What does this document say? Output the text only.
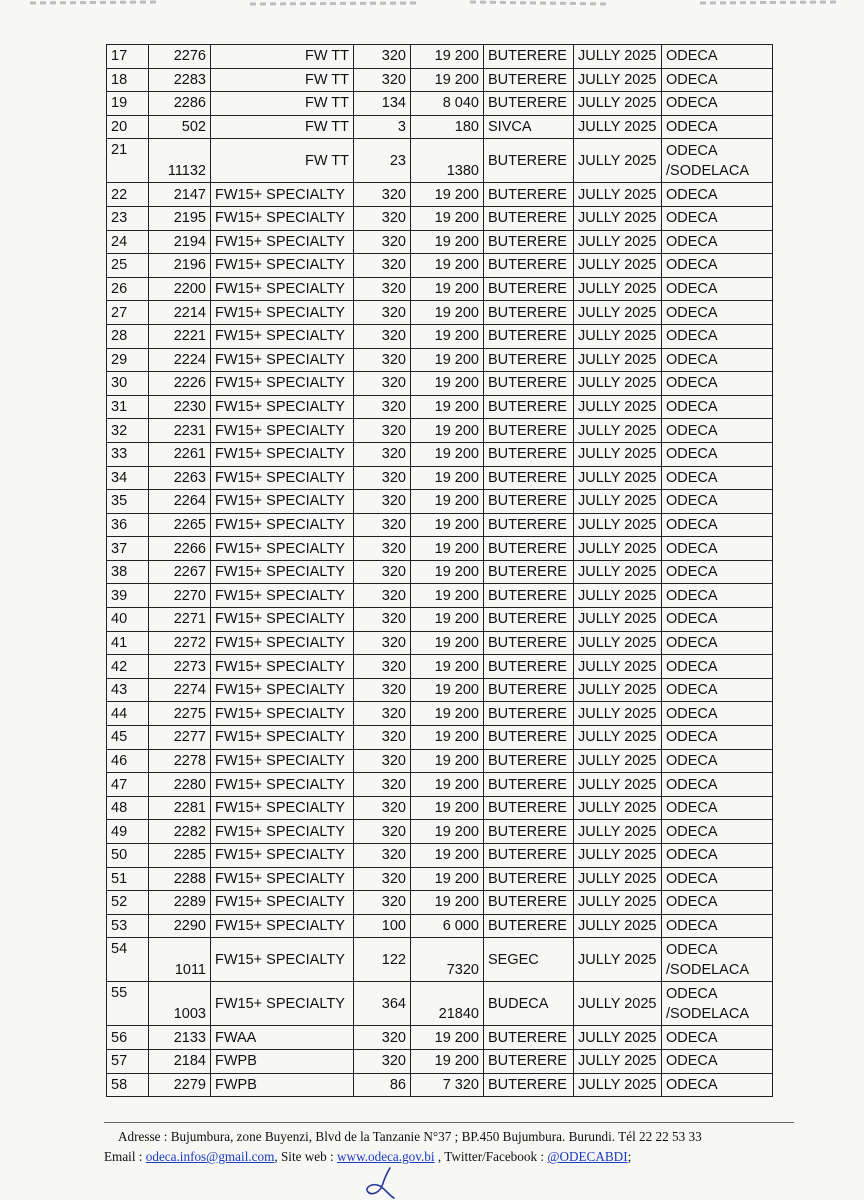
17	2276	FW TT	320	19 200	BUTERERE	JULLY 2025	ODECA
18	2283	FW TT	320	19 200	BUTERERE	JULLY 2025	ODECA
19	2286	FW TT	134	8 040	BUTERERE	JULLY 2025	ODECA
20	502	FW TT	3	180	SIVCA	JULLY 2025	ODECA
21	11132	FW TT	23	1380	BUTERERE	JULLY 2025	ODECA /SODELACA
22	2147	FW15+ SPECIALTY	320	19 200	BUTERERE	JULLY 2025	ODECA
23	2195	FW15+ SPECIALTY	320	19 200	BUTERERE	JULLY 2025	ODECA
24	2194	FW15+ SPECIALTY	320	19 200	BUTERERE	JULLY 2025	ODECA
25	2196	FW15+ SPECIALTY	320	19 200	BUTERERE	JULLY 2025	ODECA
26	2200	FW15+ SPECIALTY	320	19 200	BUTERERE	JULLY 2025	ODECA
27	2214	FW15+ SPECIALTY	320	19 200	BUTERERE	JULLY 2025	ODECA
28	2221	FW15+ SPECIALTY	320	19 200	BUTERERE	JULLY 2025	ODECA
29	2224	FW15+ SPECIALTY	320	19 200	BUTERERE	JULLY 2025	ODECA
30	2226	FW15+ SPECIALTY	320	19 200	BUTERERE	JULLY 2025	ODECA
31	2230	FW15+ SPECIALTY	320	19 200	BUTERERE	JULLY 2025	ODECA
32	2231	FW15+ SPECIALTY	320	19 200	BUTERERE	JULLY 2025	ODECA
33	2261	FW15+ SPECIALTY	320	19 200	BUTERERE	JULLY 2025	ODECA
34	2263	FW15+ SPECIALTY	320	19 200	BUTERERE	JULLY 2025	ODECA
35	2264	FW15+ SPECIALTY	320	19 200	BUTERERE	JULLY 2025	ODECA
36	2265	FW15+ SPECIALTY	320	19 200	BUTERERE	JULLY 2025	ODECA
37	2266	FW15+ SPECIALTY	320	19 200	BUTERERE	JULLY 2025	ODECA
38	2267	FW15+ SPECIALTY	320	19 200	BUTERERE	JULLY 2025	ODECA
39	2270	FW15+ SPECIALTY	320	19 200	BUTERERE	JULLY 2025	ODECA
40	2271	FW15+ SPECIALTY	320	19 200	BUTERERE	JULLY 2025	ODECA
41	2272	FW15+ SPECIALTY	320	19 200	BUTERERE	JULLY 2025	ODECA
42	2273	FW15+ SPECIALTY	320	19 200	BUTERERE	JULLY 2025	ODECA
43	2274	FW15+ SPECIALTY	320	19 200	BUTERERE	JULLY 2025	ODECA
44	2275	FW15+ SPECIALTY	320	19 200	BUTERERE	JULLY 2025	ODECA
45	2277	FW15+ SPECIALTY	320	19 200	BUTERERE	JULLY 2025	ODECA
46	2278	FW15+ SPECIALTY	320	19 200	BUTERERE	JULLY 2025	ODECA
47	2280	FW15+ SPECIALTY	320	19 200	BUTERERE	JULLY 2025	ODECA
48	2281	FW15+ SPECIALTY	320	19 200	BUTERERE	JULLY 2025	ODECA
49	2282	FW15+ SPECIALTY	320	19 200	BUTERERE	JULLY 2025	ODECA
50	2285	FW15+ SPECIALTY	320	19 200	BUTERERE	JULLY 2025	ODECA
51	2288	FW15+ SPECIALTY	320	19 200	BUTERERE	JULLY 2025	ODECA
52	2289	FW15+ SPECIALTY	320	19 200	BUTERERE	JULLY 2025	ODECA
53	2290	FW15+ SPECIALTY	100	6 000	BUTERERE	JULLY 2025	ODECA
54	1011	FW15+ SPECIALTY	122	7320	SEGEC	JULLY 2025	ODECA /SODELACA
55	1003	FW15+ SPECIALTY	364	21840	BUDECA	JULLY 2025	ODECA /SODELACA
56	2133	FWAA	320	19 200	BUTERERE	JULLY 2025	ODECA
57	2184	FWPB	320	19 200	BUTERERE	JULLY 2025	ODECA
58	2279	FWPB	86	7 320	BUTERERE	JULLY 2025	ODECA
Adresse : Bujumbura, zone Buyenzi, Blvd de la Tanzanie N°37 ; BP.450 Bujumbura. Burundi. Tél 22 22 53 33
Email : odeca.infos@gmail.com, Site web : www.odeca.gov.bi , Twitter/Facebook : @ODECABDI;
